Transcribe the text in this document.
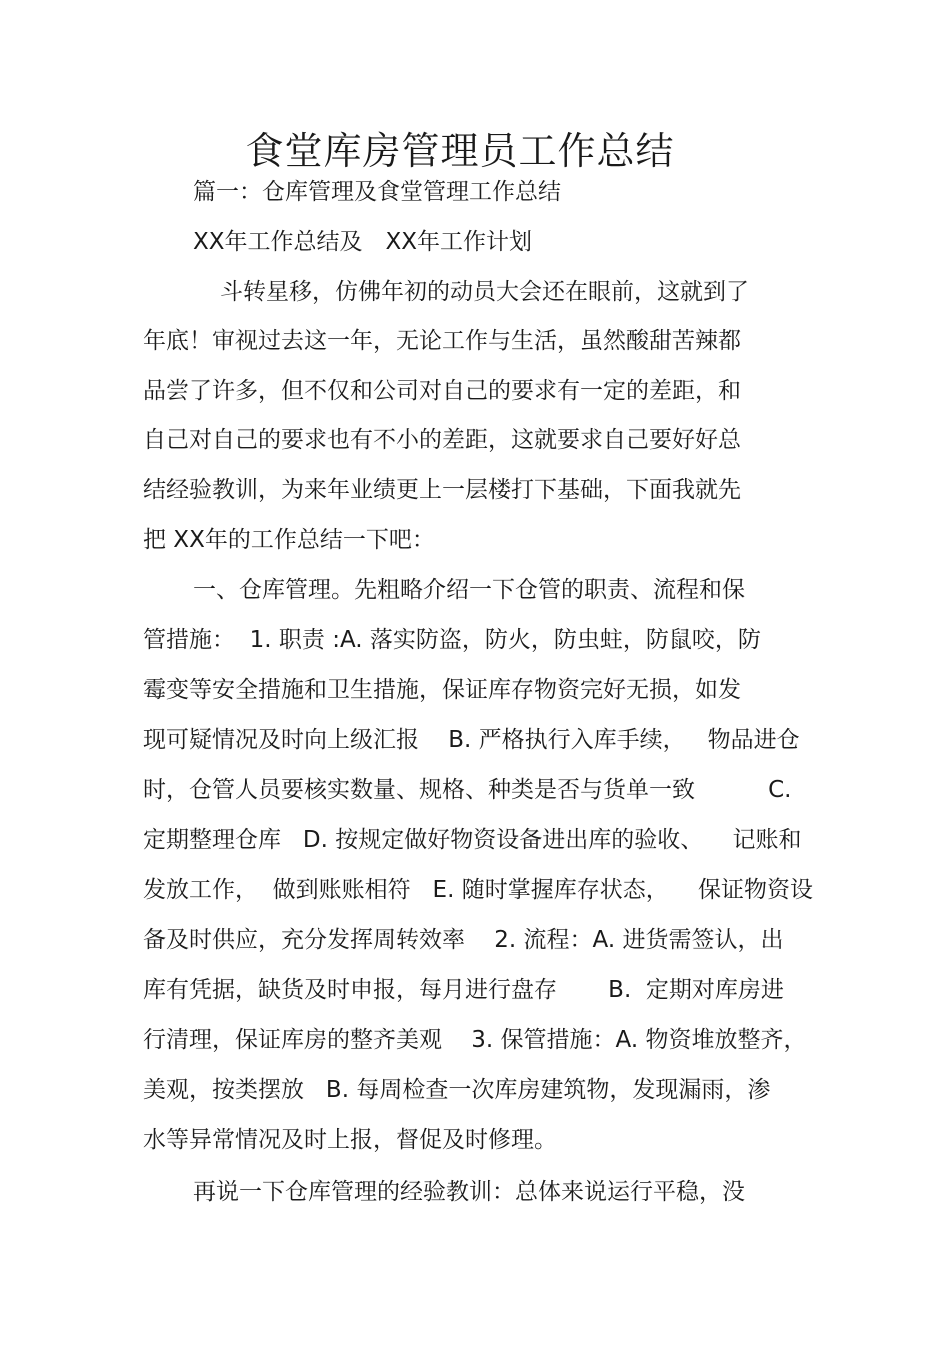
食堂库房管理员工作总结
篇一：仓库管理及食堂管理工作总结
XX年工作总结及　XX年工作计划
斗转星移，仿佛年初的动员大会还在眼前，这就到了
年底！审视过去这一年，无论工作与生活，虽然酸甜苦辣都
品尝了许多，但不仅和公司对自己的要求有一定的差距，和
自己对自己的要求也有不小的差距，这就要求自己要好好总
结经验教训，为来年业绩更上一层楼打下基础，下面我就先
把 XX年的工作总结一下吧：
一、仓库管理。先粗略介绍一下仓管的职责、流程和保
管措施：  1. 职责 :A. 落实防盗，防火，防虫蛀，防鼠咬，防
霉变等安全措施和卫生措施，保证库存物资完好无损，如发
现可疑情况及时向上级汇报    B. 严格执行入库手续，   物品进仓
时，仓管人员要核实数量、规格、种类是否与货单一致          C.
定期整理仓库   D. 按规定做好物资设备进出库的验收、    记账和
发放工作，  做到账账相符   E. 随时掌握库存状态，    保证物资设
备及时供应，充分发挥周转效率    2. 流程：A. 进货需签认，出
库有凭据，缺货及时申报，每月进行盘存       B.  定期对库房进
行清理，保证库房的整齐美观    3. 保管措施：A. 物资堆放整齐，
美观，按类摆放   B. 每周检查一次库房建筑物，发现漏雨，渗
水等异常情况及时上报，督促及时修理。
再说一下仓库管理的经验教训：总体来说运行平稳，没
